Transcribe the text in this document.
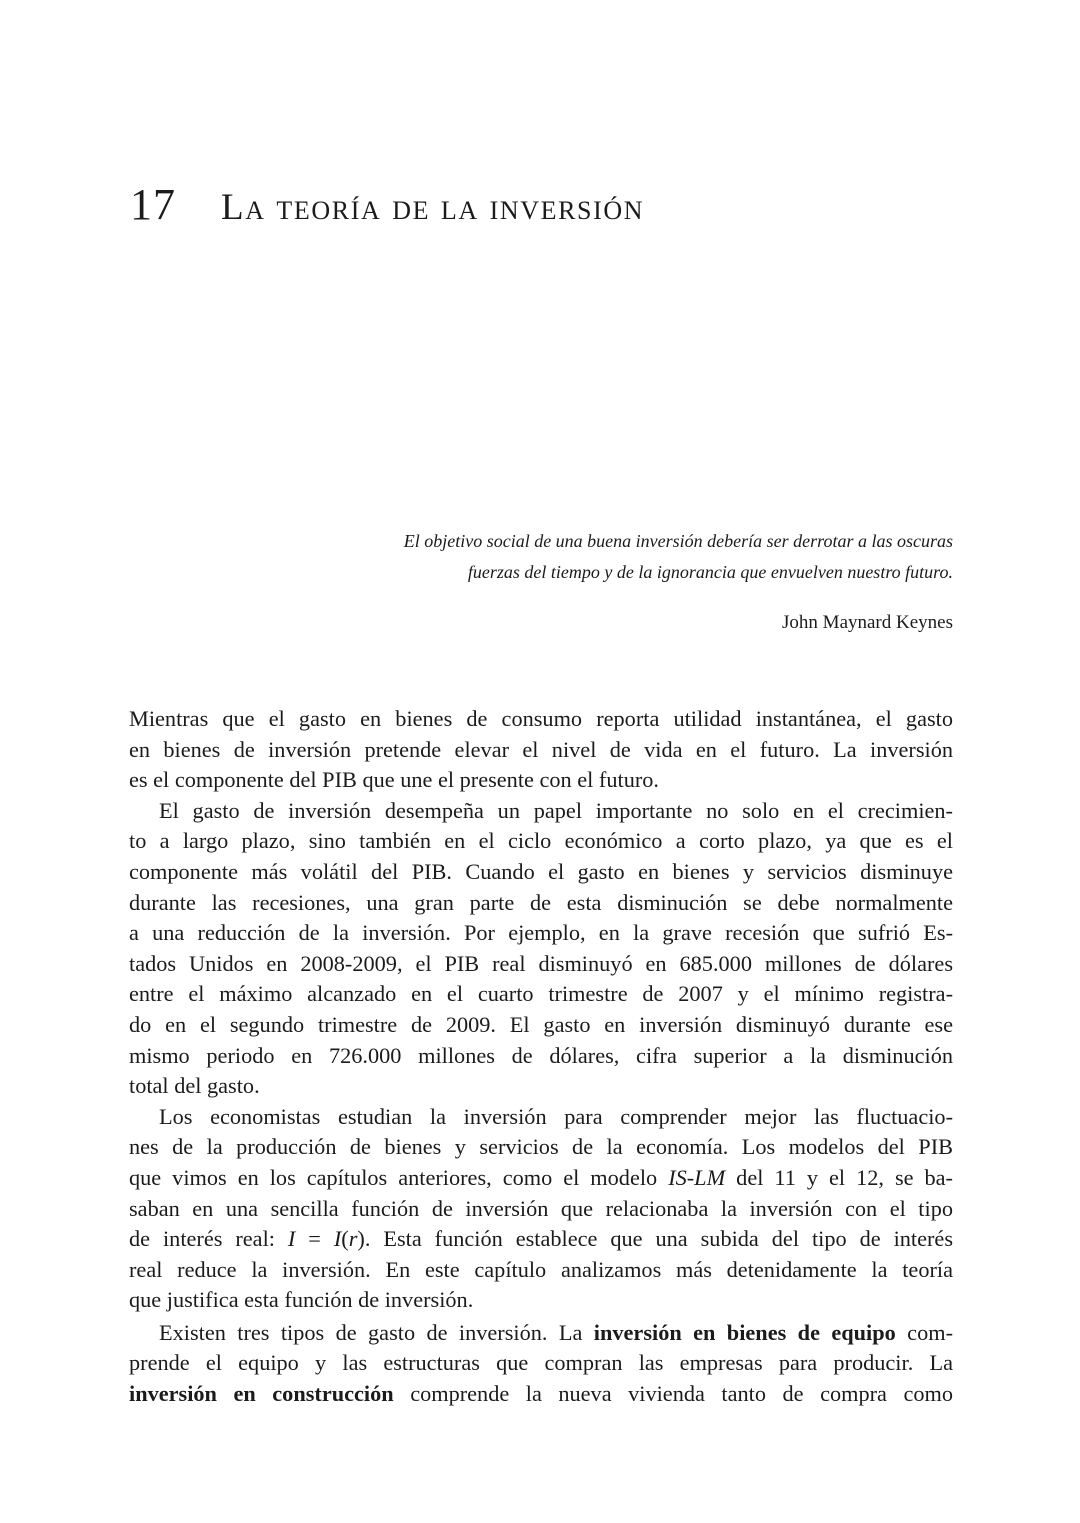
17 La teoría de la inversión

El objetivo social de una buena inversión debería ser derrotar a las oscuras

fuerzas del tiempo y de la ignorancia que envuelven nuestro futuro.

John Maynard Keynes

Mientras que el gasto en bienes de consumo reporta utilidad instantánea, el gasto
en bienes de inversión pretende elevar el nivel de vida en el futuro. La inversión
es el componente del PIB que une el presente con el futuro.
El gasto de inversión desempeña un papel importante no solo en el crecimien-
to a largo plazo, sino también en el ciclo económico a corto plazo, ya que es el
componente más volátil del PIB. Cuando el gasto en bienes y servicios disminuye
durante las recesiones, una gran parte de esta disminución se debe normalmente
a una reducción de la inversión. Por ejemplo, en la grave recesión que sufrió Es-
tados Unidos en 2008-2009, el PIB real disminuyó en 685.000 millones de dólares
entre el máximo alcanzado en el cuarto trimestre de 2007 y el mínimo registra-
do en el segundo trimestre de 2009. El gasto en inversión disminuyó durante ese
mismo periodo en 726.000 millones de dólares, cifra superior a la disminución
total del gasto.
Los economistas estudian la inversión para comprender mejor las fluctuacio-
nes de la producción de bienes y servicios de la economía. Los modelos del PIB
que vimos en los capítulos anteriores, como el modelo IS-LM del 11 y el 12, se ba-
saban en una sencilla función de inversión que relacionaba la inversión con el tipo
de interés real: I = I(r). Esta función establece que una subida del tipo de interés
real reduce la inversión. En este capítulo analizamos más detenidamente la teoría
que justifica esta función de inversión.
Existen tres tipos de gasto de inversión. La inversión en bienes de equipo com-
prende el equipo y las estructuras que compran las empresas para producir. La
inversión en construcción comprende la nueva vivienda tanto de compra como
